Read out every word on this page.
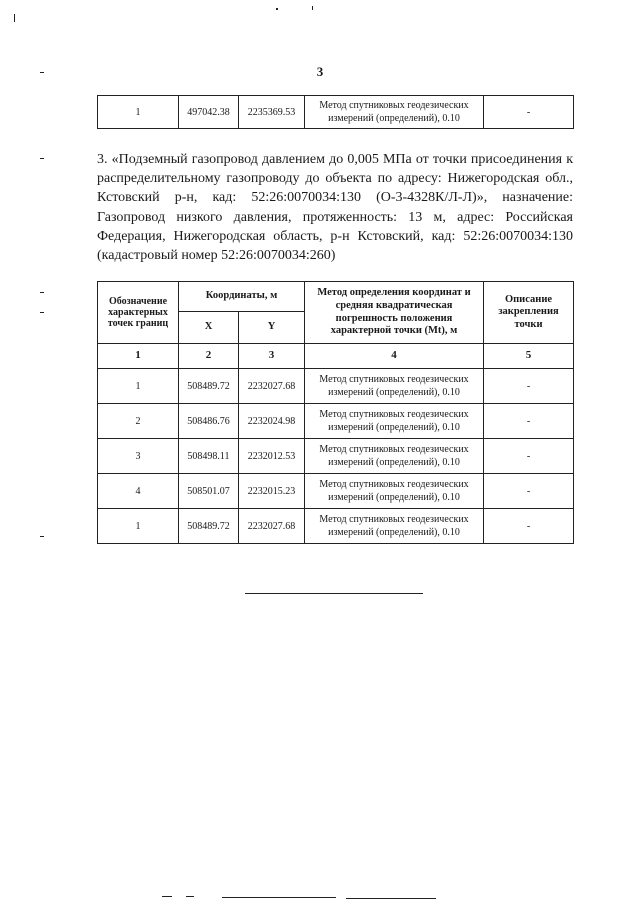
3
1	497042.38	2235369.53	Метод спутниковых геодезических
измерений (определений), 0.10	-

3. «Подземный газопровод давлением до 0,005 МПа от точки присоединения к распределительному газопроводу до объекта по адресу: Нижегородская обл., Кстовский р-н, кад: 52:26:0070034:130 (О-3-4328К/Л-Л)», назначение: Газопровод низкого давления, протяженность: 13 м, адрес: Российская Федерация, Нижегородская область, р-н Кстовский, кад: 52:26:0070034:130 (кадастровый номер 52:26:0070034:260)

Обозначение характерных точек границ	Координаты, м		Метод определения координат и средняя квадратическая погрешность положения характерной точки (Mt), м	Описание закрепления точки
	X	Y		
1	2	3	4	5
1	508489.72	2232027.68	Метод спутниковых геодезических
измерений (определений), 0.10	-
2	508486.76	2232024.98	Метод спутниковых геодезических
измерений (определений), 0.10	-
3	508498.11	2232012.53	Метод спутниковых геодезических
измерений (определений), 0.10	-
4	508501.07	2232015.23	Метод спутниковых геодезических
измерений (определений), 0.10	-
1	508489.72	2232027.68	Метод спутниковых геодезических
измерений (определений), 0.10	-
